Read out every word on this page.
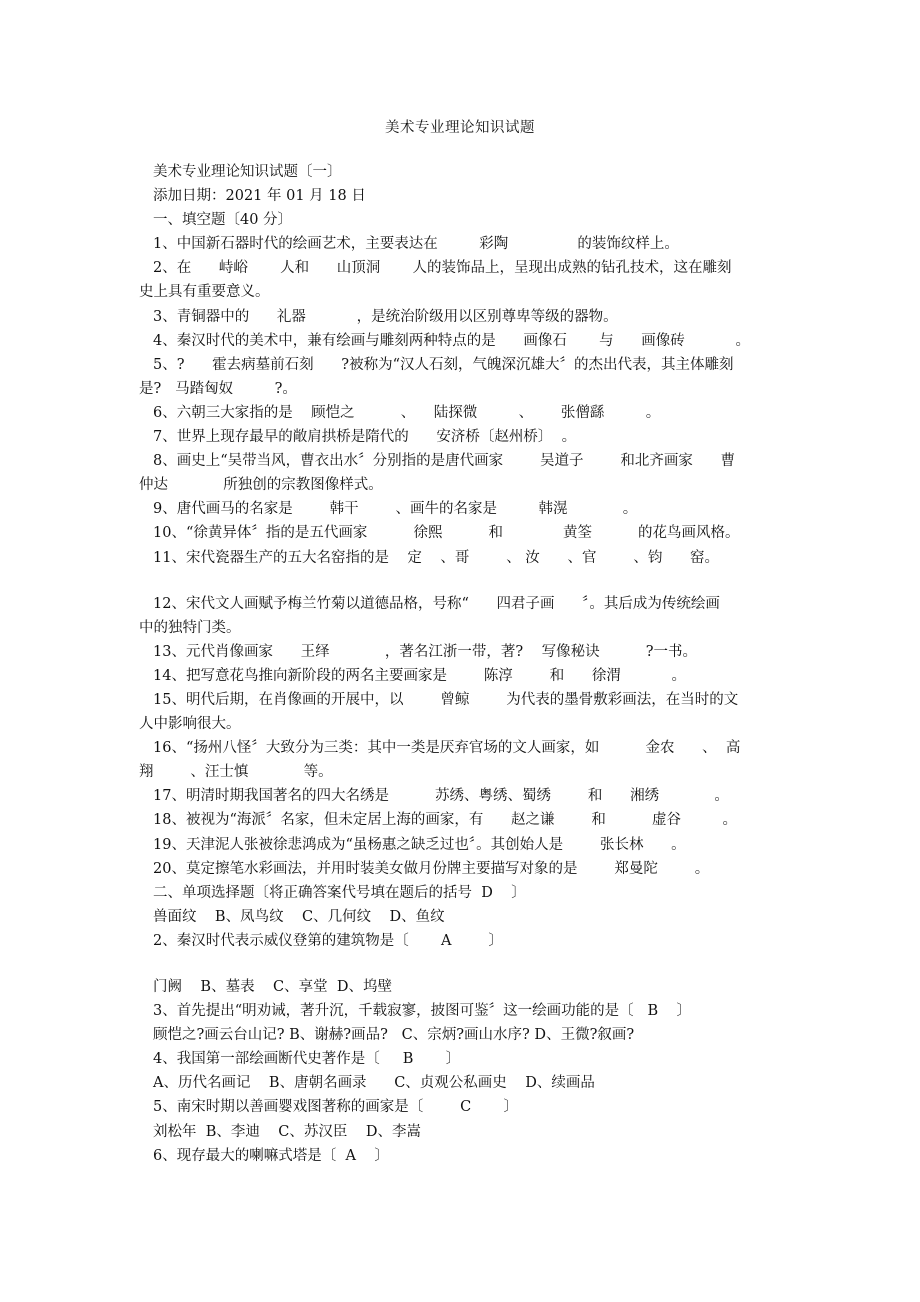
美术专业理论知识试题
美术专业理论知识试题〔一〕
添加日期：2021 年 01 月 18 日
一、填空题〔40 分〕
1、中国新石器时代的绘画艺术，主要表达在         彩陶               的装饰纹样上。
2、在      峙峪       人和      山顶洞       人的装饰品上，呈现出成熟的钻孔技术，这在雕刻
史上具有重要意义。
3、青铜器中的      礼器           ，是统治阶级用以区别尊卑等级的器物。
4、秦汉时代的美术中，兼有绘画与雕刻两种特点的是      画像石       与      画像砖           。
5、?      霍去病墓前石刻      ?被称为“汉人石刻，气魄深沉雄大〞的杰出代表，其主体雕刻
是?   马踏匈奴         ?。
6、六朝三大家指的是    顾恺之          、    陆探微         、      张僧繇         。
7、世界上现存最早的敞肩拱桥是隋代的      安济桥〔赵州桥〕  。
8、画史上“吴带当风，曹衣出水〞分别指的是唐代画家        吴道子        和北齐画家      曹
仲达            所独创的宗教图像样式。
9、唐代画马的名家是        韩干        、画牛的名家是         韩滉            。
10、“徐黄异体〞指的是五代画家          徐熙          和             黄筌          的花鸟画风格。
11、宋代瓷器生产的五大名窑指的是    定    、哥        、 汝      、官        、钧      窑。
12、宋代文人画赋予梅兰竹菊以道德品格，号称“      四君子画      〞。其后成为传统绘画
中的独特门类。
13、元代肖像画家      王绎            ，著名江浙一带，著?    写像秘诀          ?一书。
14、把写意花鸟推向新阶段的两名主要画家是        陈淳        和      徐渭           。
15、明代后期，在肖像画的开展中，以        曾鲸        为代表的墨骨敷彩画法，在当时的文
人中影响很大。
16、“扬州八怪〞大致分为三类：其中一类是厌弃官场的文人画家，如          金农      、  高
翔        、汪士慎            等。
17、明清时期我国著名的四大名绣是          苏绣、粤绣、蜀绣        和      湘绣            。
18、被视为“海派〞名家，但未定居上海的画家，有      赵之谦        和          虚谷         。
19、天津泥人张被徐悲鸿成为“虽杨惠之缺乏过也〞。其创始人是        张长林      。
20、莫定擦笔水彩画法，并用时装美女做月份牌主要描写对象的是        郑曼陀        。
二、单项选择题〔将正确答案代号填在题后的括号  D    〕
兽面纹    B、凤鸟纹    C、几何纹    D、鱼纹
2、秦汉时代表示威仪登第的建筑物是〔       A        〕
门阙    B、墓表    C、享堂  D、坞壁
3、首先提出“明劝诫，著升沉，千载寂寥，披图可鉴〞这一绘画功能的是〔   B    〕
顾恺之?画云台山记? B、谢赫?画品?   C、宗炳?画山水序? D、王微?叙画?
4、我国第一部绘画断代史著作是〔     B       〕
A、历代名画记    B、唐朝名画录      C、贞观公私画史    D、续画品
5、南宋时期以善画婴戏图著称的画家是〔        C       〕
刘松年  B、李迪    C、苏汉臣    D、李嵩
6、现存最大的喇嘛式塔是〔  A    〕
